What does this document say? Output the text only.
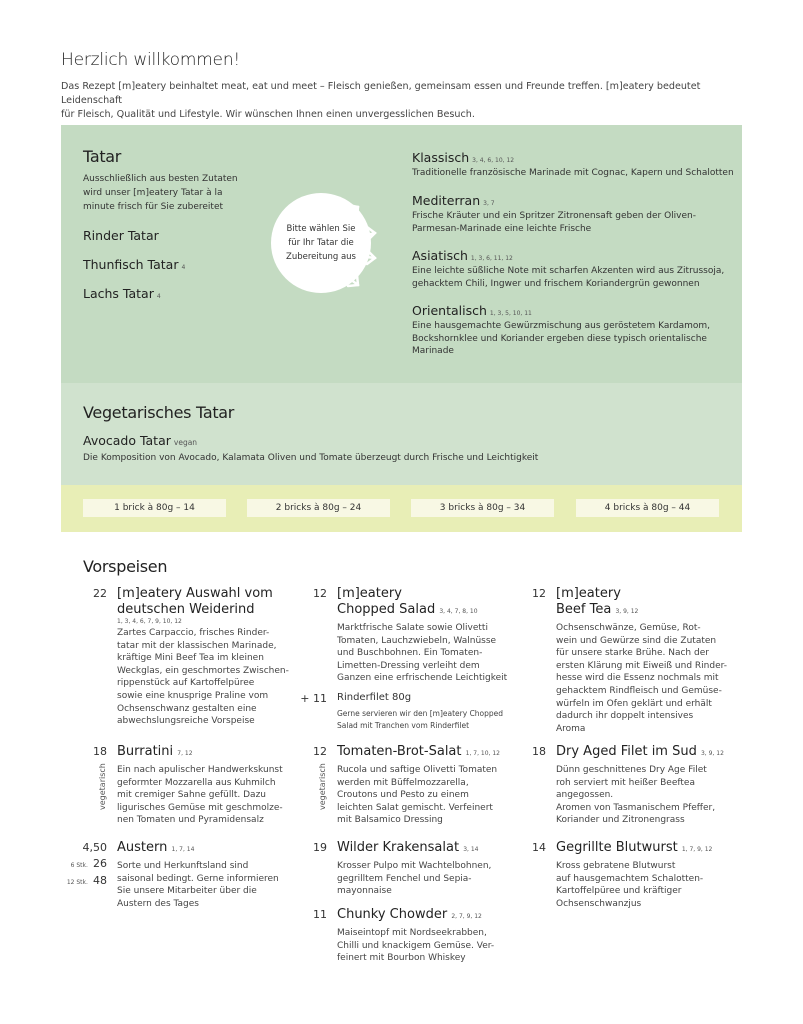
Herzlich willkommen!
Das Rezept [m]eatery beinhaltet meat, eat und meet – Fleisch genießen, gemeinsam essen und Freunde treffen. [m]eatery bedeutet Leidenschaft
für Fleisch, Qualität und Lifestyle. Wir wünschen Ihnen einen unvergesslichen Besuch.
Tatar
Ausschließlich aus besten Zutaten
wird unser [m]eatery Tatar à la
minute frisch für Sie zubereitet
Rinder Tatar
Thunfisch Tatar 4
Lachs Tatar 4
Bitte wählen Sie
für Ihr Tatar die
Zubereitung aus
Klassisch 3, 4, 6, 10, 12
Traditionelle französische Marinade mit Cognac, Kapern und Schalotten
Mediterran 3, 7
Frische Kräuter und ein Spritzer Zitronensaft geben der Oliven-
Parmesan-Marinade eine leichte Frische
Asiatisch 1, 3, 6, 11, 12
Eine leichte süßliche Note mit scharfen Akzenten wird aus Zitrussoja,
gehacktem Chili, Ingwer und frischem Koriandergrün gewonnen
Orientalisch 1, 3, 5, 10, 11
Eine hausgemachte Gewürzmischung aus geröstetem Kardamom,
Bockshornklee und Koriander ergeben diese typisch orientalische
Marinade
Vegetarisches Tatar
Avocado Tatar vegan
Die Komposition von Avocado, Kalamata Oliven und Tomate überzeugt durch Frische und Leichtigkeit
1 brick à 80g – 14	2 bricks à 80g – 24	3 bricks à 80g – 34	4 bricks à 80g – 44
Vorspeisen
22 [m]eatery Auswahl vom
deutschen Weiderind
1, 3, 4, 6, 7, 9, 10, 12
Zartes Carpaccio, frisches Rinder-
tatar mit der klassischen Marinade,
kräftige Mini Beef Tea im kleinen
Weckglas, ein geschmortes Zwischen-
rippenstück auf Kartoffelpüree
sowie eine knusprige Praline vom
Ochsenschwanz gestalten eine
abwechslungsreiche Vorspeise
18 Burratini 7, 12
Ein nach apulischer Handwerkskunst
geformter Mozzarella aus Kuhmilch
mit cremiger Sahne gefüllt. Dazu
ligurisches Gemüse mit geschmolze-
nen Tomaten und Pyramidensalz
vegetarisch
4,50 Austern 1, 7, 14
Sorte und Herkunftsland sind
saisonal bedingt. Gerne informieren
Sie unsere Mitarbeiter über die
Austern des Tages
6 Stk. 26
12 Stk. 48
12 [m]eatery
Chopped Salad 3, 4, 7, 8, 10
Marktfrische Salate sowie Olivetti
Tomaten, Lauchzwiebeln, Walnüsse
und Buschbohnen. Ein Tomaten-
Limetten-Dressing verleiht dem
Ganzen eine erfrischende Leichtigkeit
+ 11 Rinderfilet 80g
Gerne servieren wir den [m]eatery Chopped
Salad mit Tranchen vom Rinderfilet
12 Tomaten-Brot-Salat 1, 7, 10, 12
Rucola und saftige Olivetti Tomaten
werden mit Büffelmozzarella,
Croutons und Pesto zu einem
leichten Salat gemischt. Verfeinert
mit Balsamico Dressing
vegetarisch
19 Wilder Krakensalat 3, 14
Krosser Pulpo mit Wachtelbohnen,
gegrilltem Fenchel und Sepia-
mayonnaise
11 Chunky Chowder 2, 7, 9, 12
Maiseintopf mit Nordseekrabben,
Chilli und knackigem Gemüse. Ver-
feinert mit Bourbon Whiskey
12 [m]eatery
Beef Tea 3, 9, 12
Ochsenschwänze, Gemüse, Rot-
wein und Gewürze sind die Zutaten
für unsere starke Brühe. Nach der
ersten Klärung mit Eiweiß und Rinder-
hesse wird die Essenz nochmals mit
gehacktem Rindfleisch und Gemüse-
würfeln im Ofen geklärt und erhält
dadurch ihr doppelt intensives
Aroma
18 Dry Aged Filet im Sud 3, 9, 12
Dünn geschnittenes Dry Age Filet
roh serviert mit heißer Beeftea
angegossen.
Aromen von Tasmanischem Pfeffer,
Koriander und Zitronengrass
14 Gegrillte Blutwurst 1, 7, 9, 12
Kross gebratene Blutwurst
auf hausgemachtem Schalotten-
Kartoffelpüree und kräftiger
Ochsenschwanzjus
